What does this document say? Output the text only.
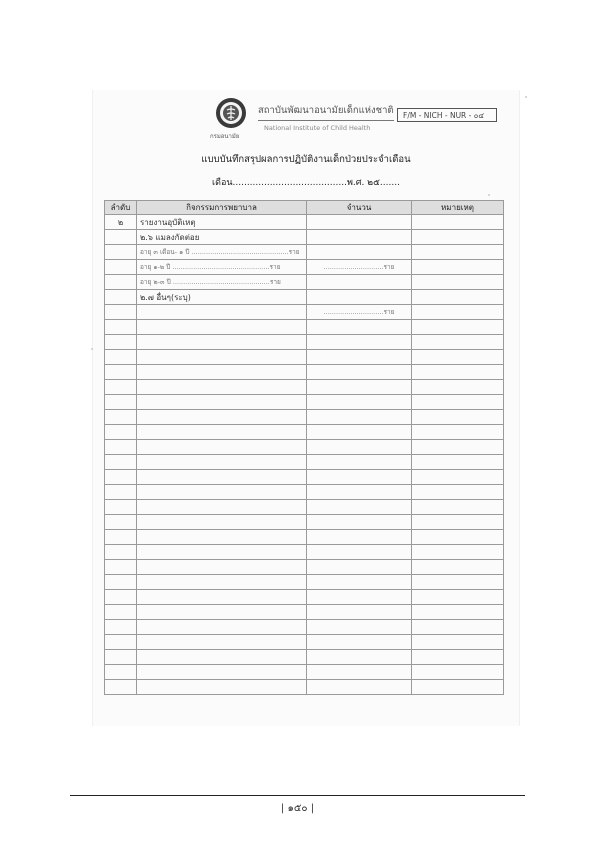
กรมอนามัย
สถาบันพัฒนาอนามัยเด็กแห่งชาติ
National Institute of Child Health
F/M - NICH - NUR - ๐๔
แบบบันทึกสรุปผลการปฏิบัติงานเด็กป่วยประจำเดือน
เดือน........................................พ.ศ. ๒๕.......
ลำดับ	กิจกรรมการพยาบาล	จำนวน	หมายเหตุ
๒	รายงานอุบัติเหตุ		
	๒.๖ แมลงกัดต่อย		
	อายุ ๓ เดือน- ๑ ปี ...............................................ราย		
	อายุ ๑-๒ ปี ...............................................ราย	.............................ราย	
	อายุ ๒-๓ ปี ...............................................ราย		
	๒.๗ อื่นๆ(ระบุ)		
		.............................ราย	

| ๑๕๐ |
